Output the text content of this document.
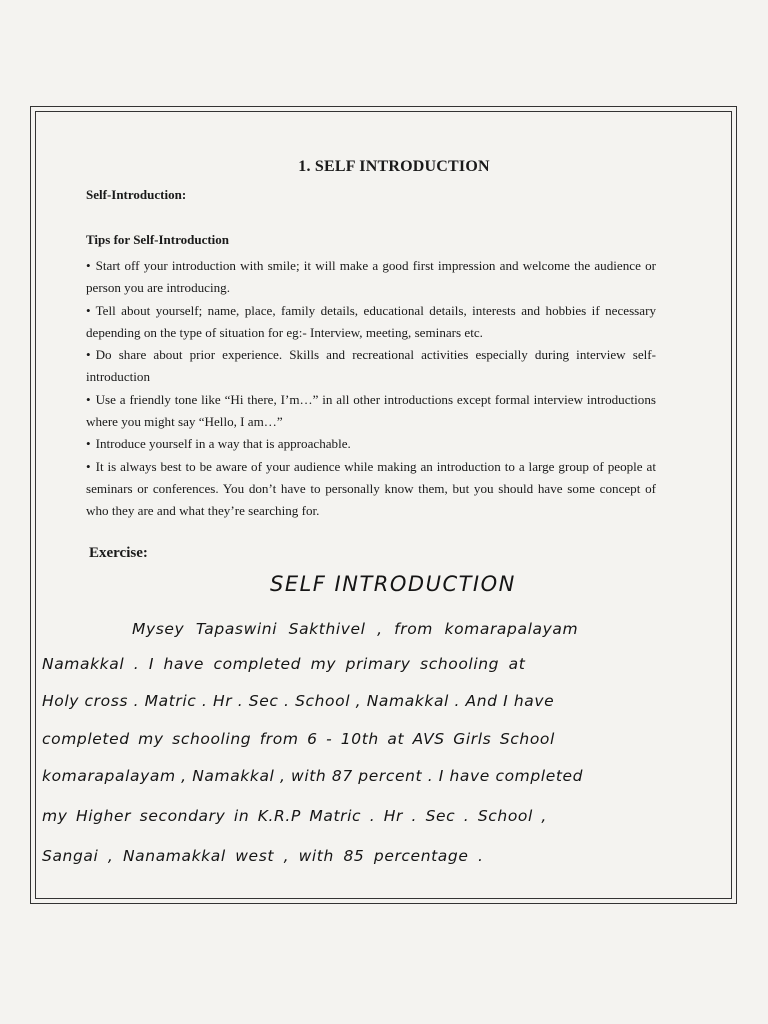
1. SELF INTRODUCTION
Self-Introduction:
Tips for Self-Introduction
• Start off your introduction with smile; it will make a good first impression and welcome the audience or person you are introducing.
• Tell about yourself; name, place, family details, educational details, interests and hobbies if necessary depending on the type of situation for eg:- Interview, meeting, seminars etc.
• Do share about prior experience. Skills and recreational activities especially during interview self-introduction
• Use a friendly tone like “Hi there, I’m…” in all other introductions except formal interview introductions where you might say “Hello, I am…”
• Introduce yourself in a way that is approachable.
• It is always best to be aware of your audience while making an introduction to a large group of people at seminars or conferences. You don’t have to personally know them, but you should have some concept of who they are and what they’re searching for.
Exercise:
SELF INTRODUCTION
Mysey Tapaswini Sakthivel , from komarapalayam
Namakkal . I have completed my primary schooling at
Holy cross . Matric . Hr . Sec . School , Namakkal . And I have
completed my schooling from 6 - 10th at AVS Girls School
komarapalayam , Namakkal , with 87 percent . I have completed
my Higher secondary in K.R.P Matric . Hr . Sec . School ,
Sangai , Nanamakkal west , with 85 percentage .
